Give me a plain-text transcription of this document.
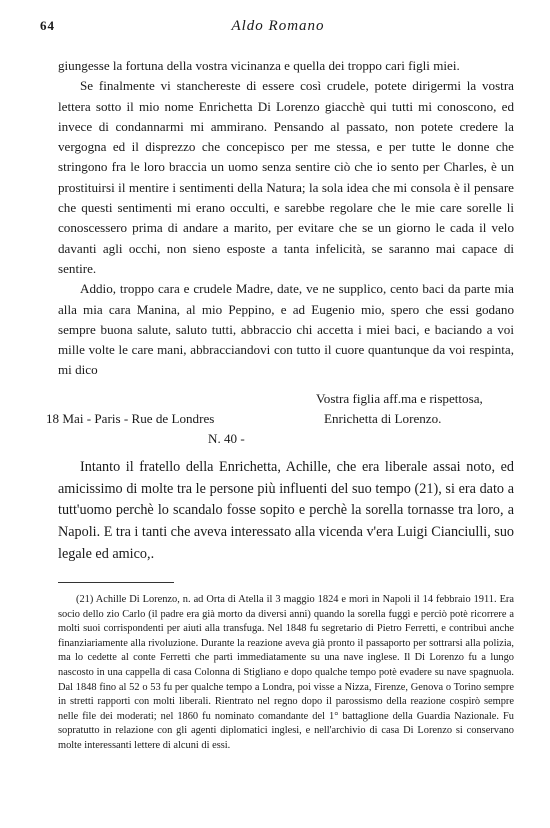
64	Aldo Romano

giungesse la fortuna della vostra vicinanza e quella dei troppo cari figli miei.

Se finalmente vi stanchereste di essere così crudele, potete dirigermi la vostra lettera sotto il mio nome Enrichetta Di Lorenzo giacchè qui tutti mi conoscono, ed invece di condannarmi mi ammirano. Pensando al passato, non potete credere la vergogna ed il disprezzo che concepisco per me stessa, e per tutte le donne che stringono fra le loro braccia un uomo senza sentire ciò che io sento per Charles, è un prostituirsi il mentire i sentimenti della Natura; la sola idea che mi consola è il pensare che questi sentimenti mi erano occulti, e sarebbe regolare che le mie care sorelle li conoscessero prima di andare a marito, per evitare che se un giorno le cada il velo davanti agli occhi, non sieno esposte a tanta infelicità, se saranno mai capace di sentire.

Addio, troppo cara e crudele Madre, date, ve ne supplico, cento baci da parte mia alla mia cara Manina, al mio Peppino, e ad Eugenio mio, spero che essi godano sempre buona salute, saluto tutti, abbraccio chi accetta i miei baci, e baciando a voi mille volte le care mani, abbracciandovi con tutto il cuore quantunque da voi respinta, mi dico

Vostra figlia aff.ma e rispettosa,
18 Mai - Paris - Rue de Londres	Enrichetta di Lorenzo.
N. 40 -

Intanto il fratello della Enrichetta, Achille, che era liberale assai noto, ed amicissimo di molte tra le persone più influenti del suo tempo (21), si era dato a tutt'uomo perchè lo scandalo fosse sopito e perchè la sorella tornasse tra loro, a Napoli. E tra i tanti che aveva interessato alla vicenda v'era Luigi Cianciulli, suo legale ed amico,.

(21) Achille Di Lorenzo, n. ad Orta di Atella il 3 maggio 1824 e morì in Napoli il 14 febbraio 1911. Era socio dello zio Carlo (il padre era già morto da diversi anni) quando la sorella fuggì e perciò potè ricorrere a molti suoi corrispondenti per aiuti alla transfuga. Nel 1848 fu segretario di Pietro Ferretti, e contribuì anche finanziariamente alla rivoluzione. Durante la reazione aveva già pronto il passaporto per sottrarsi alla polizia, ma lo cedette al conte Ferretti che partì immediatamente su una nave inglese. Il Di Lorenzo fu a lungo nascosto in una cappella di casa Colonna di Stigliano e dopo qualche tempo potè evadere su nave spagnuola. Dal 1848 fino al 52 o 53 fu per qualche tempo a Londra, poi visse a Nizza, Firenze, Genova o Torino sempre in stretti rapporti con molti liberali. Rientrato nel regno dopo il parossismo della reazione cospirò sempre nelle file dei moderati; nel 1860 fu nominato comandante del 1° battaglione della Guardia Nazionale. Fu sopratutto in relazione con gli agenti diplomatici inglesi, e nell'archivio di casa Di Lorenzo si conservano molte interessanti lettere di alcuni di essi.
